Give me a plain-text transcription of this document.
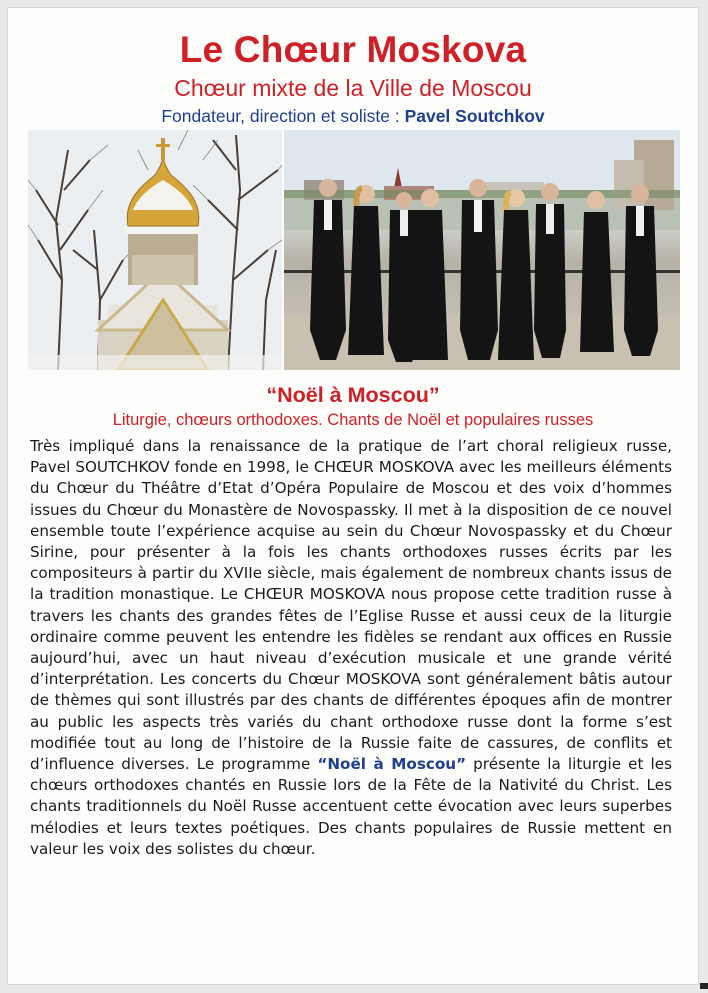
Le Chœur Moskova
Chœur mixte de la Ville de Moscou
Fondateur, direction et soliste : Pavel Soutchkov
“Noël à Moscou”
Liturgie, chœurs orthodoxes. Chants de Noël et populaires russes
Très impliqué dans la renaissance de la pratique de l’art choral religieux russe, Pavel SOUTCHKOV fonde en 1998, le CHŒUR MOSKOVA avec les meilleurs éléments du Chœur du Théâtre d’Etat d’Opéra Populaire de Moscou et des voix d’hommes issues du Chœur du Monastère de Novospassky. Il met à la disposition de ce nouvel ensemble toute l’expérience acquise au sein du Chœur Novospassky et du Chœur Sirine, pour présenter à la fois les chants orthodoxes russes écrits par les compositeurs à partir du XVIIe siècle, mais également de nombreux chants issus de la tradition monastique. Le CHŒUR MOSKOVA nous propose cette tradition russe à travers les chants des grandes fêtes de l’Eglise Russe et aussi ceux de la liturgie ordinaire comme peuvent les entendre les fidèles se rendant aux offices en Russie aujourd’hui, avec un haut niveau d’exécution musicale et une grande vérité d’interprétation. Les concerts du Chœur MOSKOVA sont généralement bâtis autour de thèmes qui sont illustrés par des chants de différentes époques afin de montrer au public les aspects très variés du chant orthodoxe russe dont la forme s’est modifiée tout au long de l’histoire de la Russie faite de cassures, de conflits et d’influence diverses. Le programme “Noël à Moscou” présente la liturgie et les chœurs orthodoxes chantés en Russie lors de la Fête de la Nativité du Christ. Les chants traditionnels du Noël Russe accentuent cette évocation avec leurs superbes mélodies et leurs textes poétiques. Des chants populaires de Russie mettent en valeur les voix des solistes du chœur.
